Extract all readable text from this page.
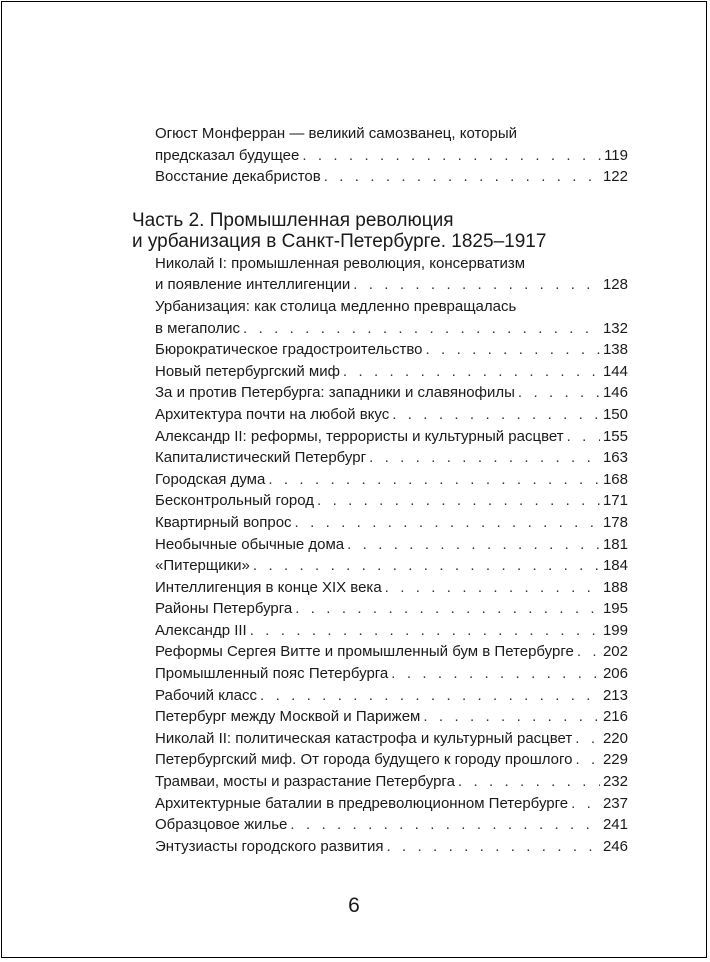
Огюст Монферран — великий самозванец, который
предсказал будущее . . .	119
Восстание декабристов . . .	122
Часть 2. Промышленная революция
и урбанизация в Санкт-Петербурге. 1825–1917
Николай I: промышленная революция, консерватизм
и появление интеллигенции . . .	128
Урбанизация: как столица медленно превращалась
в мегаполис . . .	132
Бюрократическое градостроительство . . .	138
Новый петербургский миф . . .	144
За и против Петербурга: западники и славянофилы . . .	146
Архитектура почти на любой вкус . . .	150
Александр II: реформы, террористы и культурный расцвет . . .	155
Капиталистический Петербург . . .	163
Городская дума . . .	168
Бесконтрольный город . . .	171
Квартирный вопрос . . .	178
Необычные обычные дома . . .	181
«Питерщики» . . .	184
Интеллигенция в конце XIX века . . .	188
Районы Петербурга . . .	195
Александр III . . .	199
Реформы Сергея Витте и промышленный бум в Петербурге . . . 202
Промышленный пояс Петербурга . . .	206
Рабочий класс . . .	213
Петербург между Москвой и Парижем . . .	216
Николай II: политическая катастрофа и культурный расцвет . . . 220
Петербургский миф. От города будущего к городу прошлого . . . 229
Трамваи, мосты и разрастание Петербурга . . .	232
Архитектурные баталии в предреволюционном Петербурге . . . 237
Образцовое жилье . . .	241
Энтузиасты городского развития . . .	246
6
